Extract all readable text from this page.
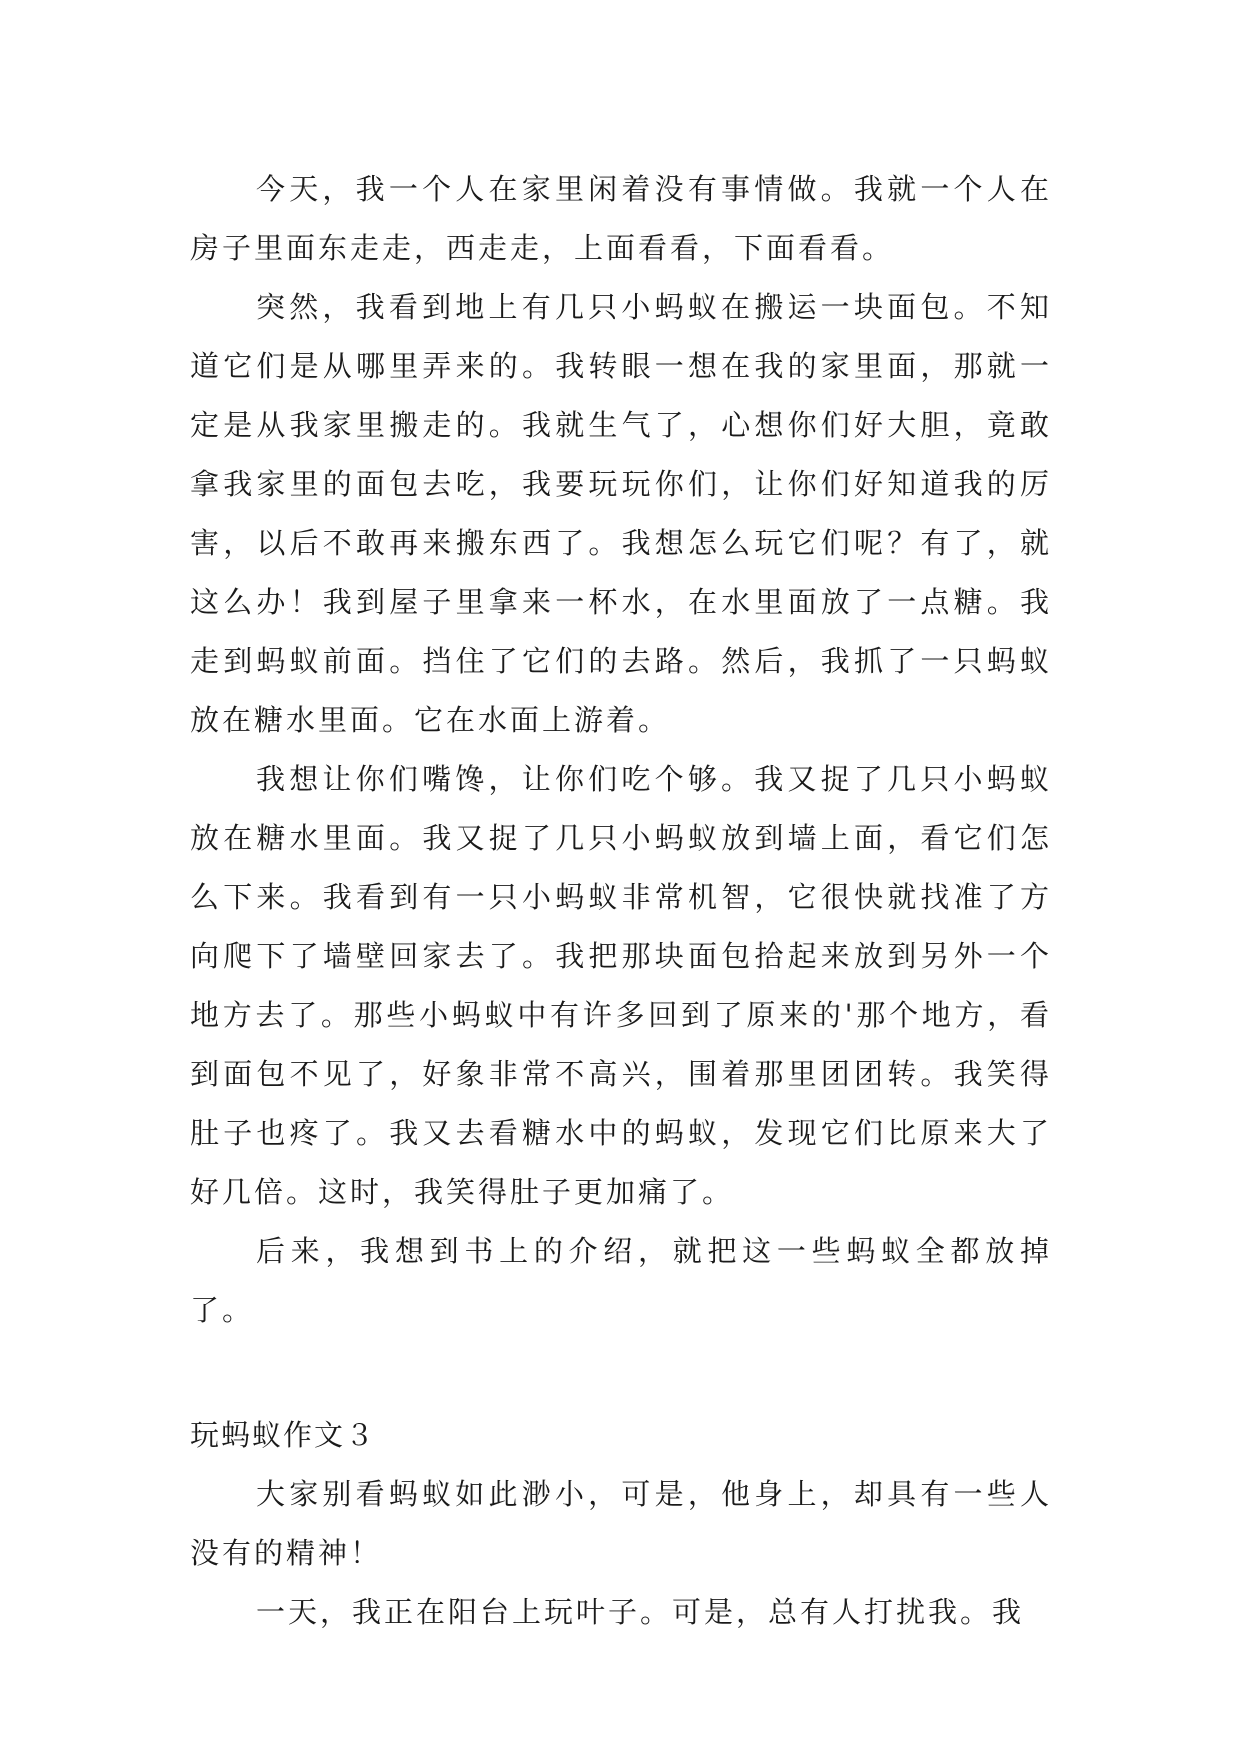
今天，我一个人在家里闲着没有事情做。我就一个人在房子里面东走走，西走走，上面看看，下面看看。

突然，我看到地上有几只小蚂蚁在搬运一块面包。不知道它们是从哪里弄来的。我转眼一想在我的家里面，那就一定是从我家里搬走的。我就生气了，心想你们好大胆，竟敢拿我家里的面包去吃，我要玩玩你们，让你们好知道我的厉害，以后不敢再来搬东西了。我想怎么玩它们呢？有了，就这么办！我到屋子里拿来一杯水，在水里面放了一点糖。我走到蚂蚁前面。挡住了它们的去路。然后，我抓了一只蚂蚁放在糖水里面。它在水面上游着。

我想让你们嘴馋，让你们吃个够。我又捉了几只小蚂蚁放在糖水里面。我又捉了几只小蚂蚁放到墙上面，看它们怎么下来。我看到有一只小蚂蚁非常机智，它很快就找准了方向爬下了墙壁回家去了。我把那块面包拾起来放到另外一个地方去了。那些小蚂蚁中有许多回到了原来的'那个地方，看到面包不见了，好象非常不高兴，围着那里团团转。我笑得肚子也疼了。我又去看糖水中的蚂蚁，发现它们比原来大了好几倍。这时，我笑得肚子更加痛了。

后来，我想到书上的介绍，就把这一些蚂蚁全都放掉了。

玩蚂蚁作文３

大家别看蚂蚁如此渺小，可是，他身上，却具有一些人没有的精神！

一天，我正在阳台上玩叶子。可是，总有人打扰我。我
